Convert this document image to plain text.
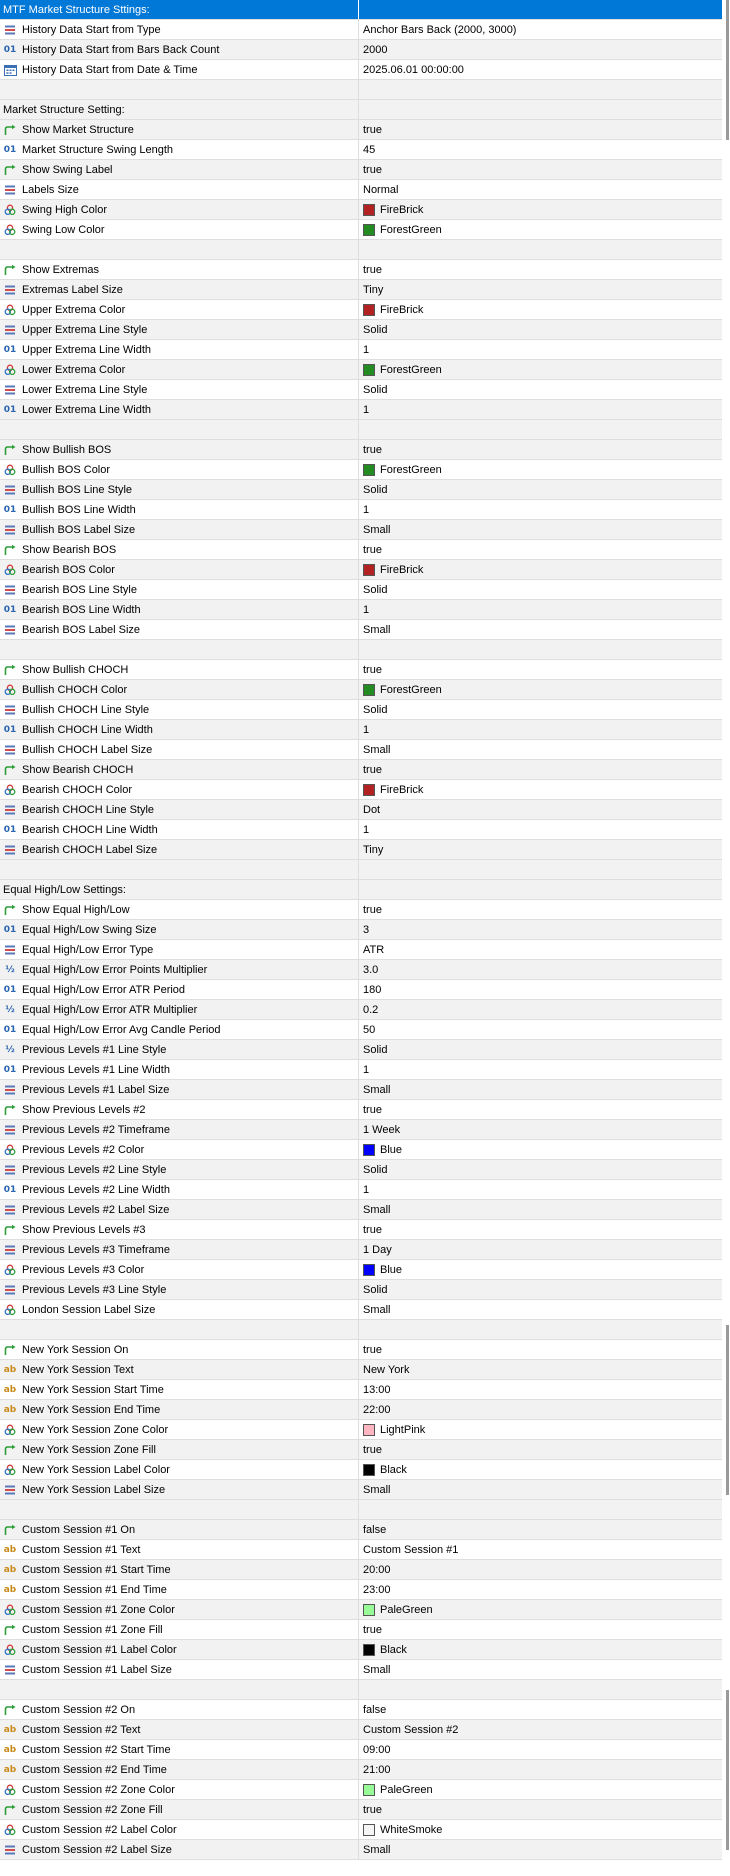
MTF Market Structure Sttings:
History Data Start from Type	Anchor Bars Back (2000, 3000)
01 History Data Start from Bars Back Count	2000
History Data Start from Date & Time	2025.06.01 00:00:00
Market Structure Setting:
Show Market Structure	true
01 Market Structure Swing Length	45
Show Swing Label	true
Labels Size	Normal
Swing High Color	FireBrick
Swing Low Color	ForestGreen
Show Extremas	true
Extremas Label Size	Tiny
Upper Extrema Color	FireBrick
Upper Extrema Line Style	Solid
01 Upper Extrema Line Width	1
Lower Extrema Color	ForestGreen
Lower Extrema Line Style	Solid
01 Lower Extrema Line Width	1
Show Bullish BOS	true
Bullish BOS Color	ForestGreen
Bullish BOS Line Style	Solid
01 Bullish BOS Line Width	1
Bullish BOS Label Size	Small
Show Bearish BOS	true
Bearish BOS Color	FireBrick
Bearish BOS Line Style	Solid
01 Bearish BOS Line Width	1
Bearish BOS Label Size	Small
Show Bullish CHOCH	true
Bullish CHOCH Color	ForestGreen
Bullish CHOCH Line Style	Solid
01 Bullish CHOCH Line Width	1
Bullish CHOCH Label Size	Small
Show Bearish CHOCH	true
Bearish CHOCH Color	FireBrick
Bearish CHOCH Line Style	Dot
01 Bearish CHOCH Line Width	1
Bearish CHOCH Label Size	Tiny
Equal High/Low Settings:
Show Equal High/Low	true
01 Equal High/Low Swing Size	3
Equal High/Low Error Type	ATR
½ Equal High/Low Error Points Multiplier	3.0
01 Equal High/Low Error ATR Period	180
½ Equal High/Low Error ATR Multiplier	0.2
01 Equal High/Low Error Avg Candle Period	50
½ Previous Levels #1 Line Style	Solid
01 Previous Levels #1 Line Width	1
Previous Levels #1 Label Size	Small
Show Previous Levels #2	true
Previous Levels #2 Timeframe	1 Week
Previous Levels #2 Color	Blue
Previous Levels #2 Line Style	Solid
01 Previous Levels #2 Line Width	1
Previous Levels #2 Label Size	Small
Show Previous Levels #3	true
Previous Levels #3 Timeframe	1 Day
Previous Levels #3 Color	Blue
Previous Levels #3 Line Style	Solid
London Session Label Size	Small
New York Session On	true
ab New York Session Text	New York
ab New York Session Start Time	13:00
ab New York Session End Time	22:00
New York Session Zone Color	LightPink
New York Session Zone Fill	true
New York Session Label Color	Black
New York Session Label Size	Small
Custom Session #1 On	false
ab Custom Session #1 Text	Custom Session #1
ab Custom Session #1 Start Time	20:00
ab Custom Session #1 End Time	23:00
Custom Session #1 Zone Color	PaleGreen
Custom Session #1 Zone Fill	true
Custom Session #1 Label Color	Black
Custom Session #1 Label Size	Small
Custom Session #2 On	false
ab Custom Session #2 Text	Custom Session #2
ab Custom Session #2 Start Time	09:00
ab Custom Session #2 End Time	21:00
Custom Session #2 Zone Color	PaleGreen
Custom Session #2 Zone Fill	true
Custom Session #2 Label Color	WhiteSmoke
Custom Session #2 Label Size	Small
